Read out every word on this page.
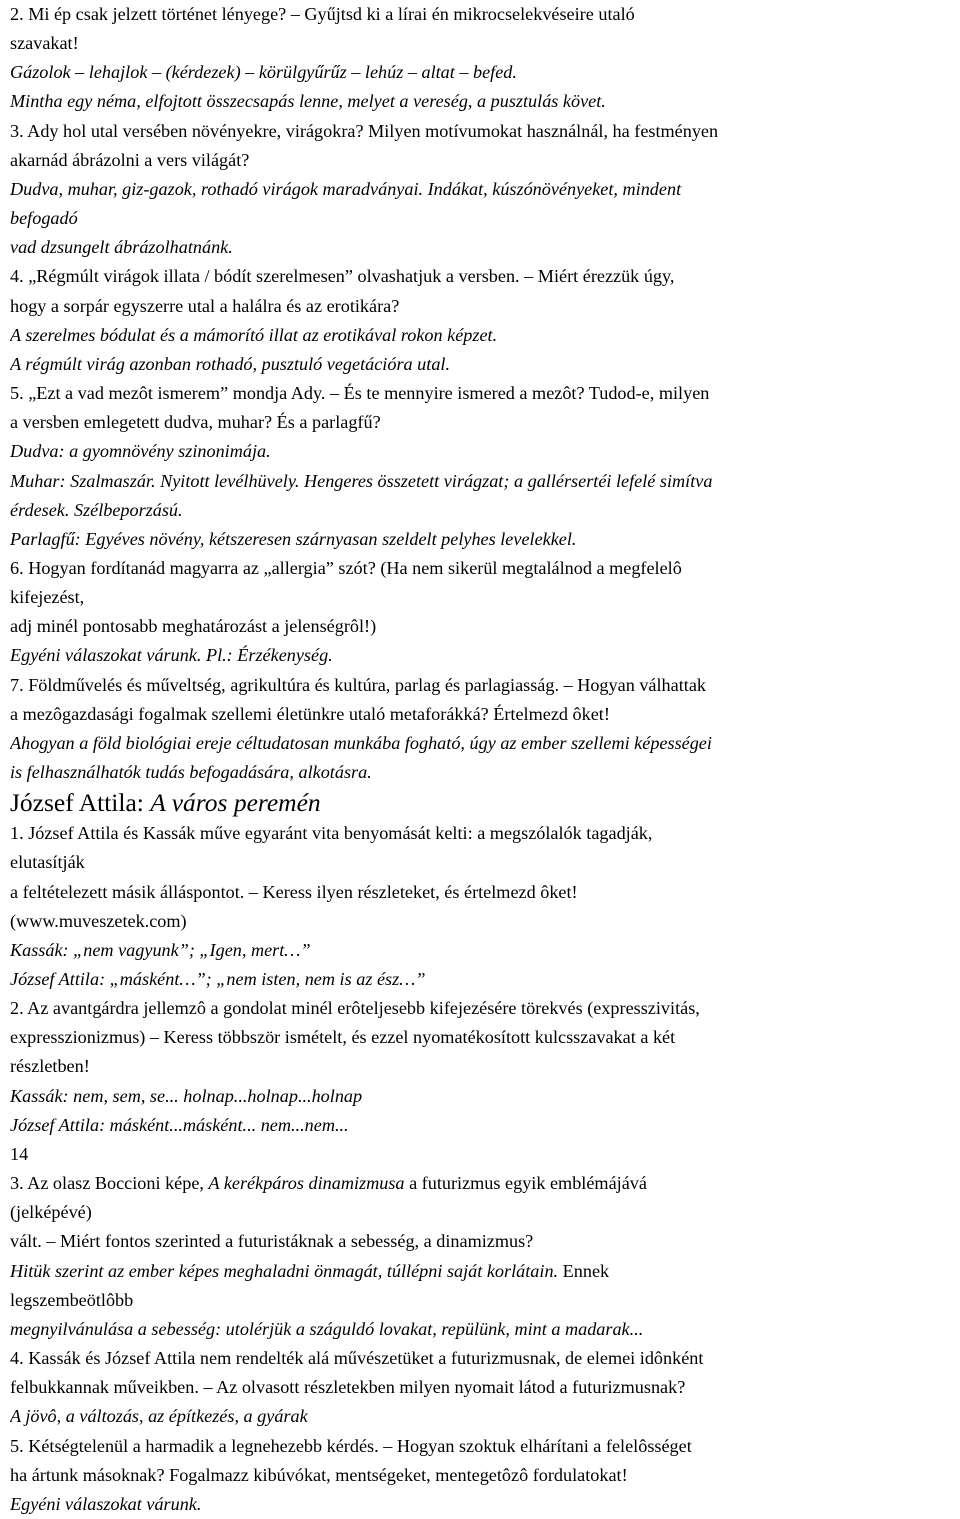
2. Mi ép csak jelzett történet lényege? – Gyűjtsd ki a lírai én mikrocselekvéseire utaló
szavakat!
Gázolok – lehajlok – (kérdezek) – körülgyűrűz – lehúz – altat – befed.
Mintha egy néma, elfojtott összecsapás lenne, melyet a vereség, a pusztulás követ.
3. Ady hol utal versében növényekre, virágokra? Milyen motívumokat használnál, ha festményen
akarnád ábrázolni a vers világát?
Dudva, muhar, giz-gazok, rothadó virágok maradványai. Indákat, kúszónövényeket, mindent
befogadó
vad dzsungelt ábrázolhatnánk.
4. „Régmúlt virágok illata / bódít szerelmesen” olvashatjuk a versben. – Miért érezzük úgy,
hogy a sorpár egyszerre utal a halálra és az erotikára?
A szerelmes bódulat és a mámorító illat az erotikával rokon képzet.
A régmúlt virág azonban rothadó, pusztuló vegetációra utal.
5. „Ezt a vad mezôt ismerem” mondja Ady. – És te mennyire ismered a mezôt? Tudod-e, milyen
a versben emlegetett dudva, muhar? És a parlagfű?
Dudva: a gyomnövény szinonimája.
Muhar: Szalmaszár. Nyitott levélhüvely. Hengeres összetett virágzat; a gallérsertéi lefelé simítva
érdesek. Szélbeporzású.
Parlagfű: Egyéves növény, kétszeresen szárnyasan szeldelt pelyhes levelekkel.
6. Hogyan fordítanád magyarra az „allergia” szót? (Ha nem sikerül megtalálnod a megfelelô
kifejezést,
adj minél pontosabb meghatározást a jelenségrôl!)
Egyéni válaszokat várunk. Pl.: Érzékenység.
7. Földművelés és műveltség, agrikultúra és kultúra, parlag és parlagiasság. – Hogyan válhattak
a mezôgazdasági fogalmak szellemi életünkre utaló metaforákká? Értelmezd ôket!
Ahogyan a föld biológiai ereje céltudatosan munkába fogható, úgy az ember szellemi képességei
is felhasználhatók tudás befogadására, alkotásra.
József Attila: A város peremén
1. József Attila és Kassák műve egyaránt vita benyomását kelti: a megszólalók tagadják,
elutasítják
a feltételezett másik álláspontot. – Keress ilyen részleteket, és értelmezd ôket!
(www.muveszetek.com)
Kassák: „nem vagyunk”; „Igen, mert…”
József Attila: „másként…”; „nem isten, nem is az ész…”
2. Az avantgárdra jellemzô a gondolat minél erôteljesebb kifejezésére törekvés (expresszivitás,
expresszionizmus) – Keress többször ismételt, és ezzel nyomatékosított kulcsszavakat a két
részletben!
Kassák: nem, sem, se... holnap...holnap...holnap
József Attila: másként...másként... nem...nem...
14
3. Az olasz Boccioni képe, A kerékpáros dinamizmusa a futurizmus egyik emblémájává
(jelképévé)
vált. – Miért fontos szerinted a futuristáknak a sebesség, a dinamizmus?
Hitük szerint az ember képes meghaladni önmagát, túllépni saját korlátain. Ennek
legszembeötlôbb
megnyilvánulása a sebesség: utolérjük a száguldó lovakat, repülünk, mint a madarak...
4. Kassák és József Attila nem rendelték alá művészetüket a futurizmusnak, de elemei idônként
felbukkannak műveikben. – Az olvasott részletekben milyen nyomait látod a futurizmusnak?
A jövô, a változás, az építkezés, a gyárak
5. Kétségtelenül a harmadik a legnehezebb kérdés. – Hogyan szoktuk elhárítani a felelôsséget
ha ártunk másoknak? Fogalmazz kibúvókat, mentségeket, mentegetôzô fordulatokat!
Egyéni válaszokat várunk.
